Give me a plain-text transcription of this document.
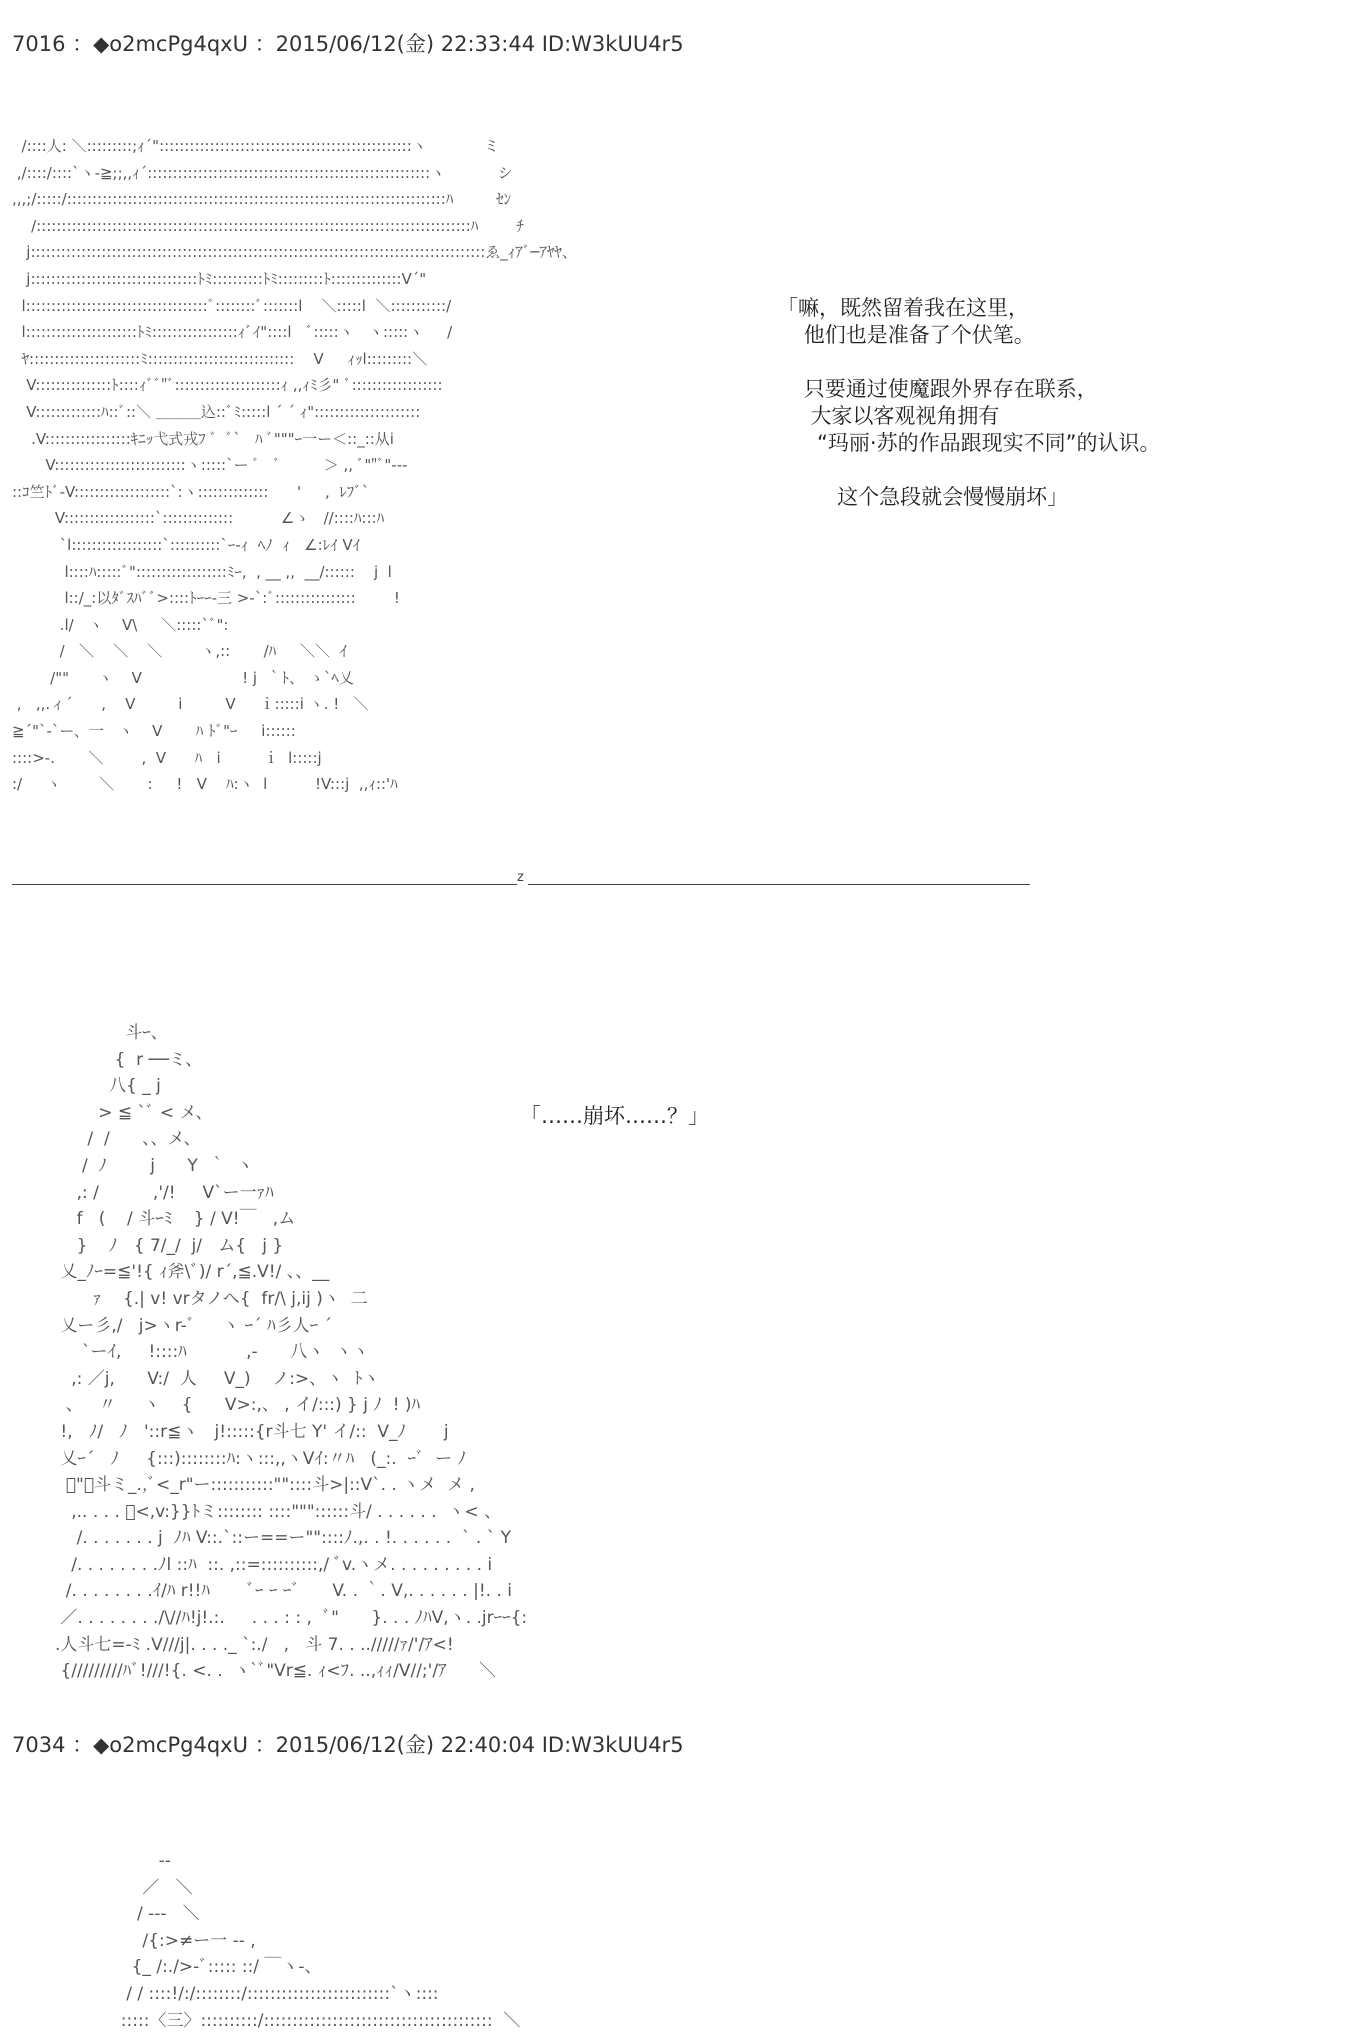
7016 ：◆o2mcPg4qxU ：2015/06/12(金) 22:33:44 ID:W3kUU4r5
/::::人: ＼:::::::::;ｨ´"::::::::::::::::::::::::::::::::::::::::::::::::::ヽ            ミ
,/::::/::::`ヽ-≧;;,,ｨ´::::::::::::::::::::::::::::::::::::::::::::::::::::::::ヽ           シ
,,,;/:::::/:::::::::::::::::::::::::::::::::::::::::::::::::::::::::::::::::::::::::::ﾊ         ｾﾝ
/::::::::::::::::::::::::::::::::::::::::::::::::::::::::::::::::::::::::::::::::::::::ﾊ        ﾁ
j::::::::::::::::::::::::::::::::::::::::::::::::::::::::::::::::::::::::::::::::::::::::::ゑ_ｨｱﾞ─ｱﾔﾔ、
j:::::::::::::::::::::::::::::::::ﾄﾐ::::::::::ﾄﾐ:::::::::ﾄ::::::::::::::V´"
l::::::::::::::::::::::::::::::::::::ﾞ::::::::ﾞ:::::::l    ＼:::::l  ＼:::::::::::/
l::::::::::::::::::::::ﾄﾐ:::::::::::::::::ｨﾞｲ"::::l   ﾞ:::::ヽ   ヽ:::::ヽ     /
ﾔ::::::::::::::::::::::ﾐ:::::::::::::::::::::::::::::    V     ｨｯl:::::::::＼
V:::::::::::::::ﾄ::::ｨﾞﾞ"ﾞ:::::::::::::::::::::ｨ ,,ｨﾐ彡" ﾞ::::::::::::::::::
V:::::::::::::ﾊ::ﾞ::＼ ＿＿＿込::ﾞﾐ:::::l ´ ´ ｨ":::::::::::::::::::::
.V:::::::::::::::::ｷﾆｯ弋式戎ﾌ ﾞ  ﾞ`   ﾊ ﾞ"""ｰ一ー＜::_::从i
V::::::::::::::::::::::::::ヽ:::::`ー ﾞ   ﾞ         ＞ ,, ﾞ""ﾞ"---
::ｺ竺ﾄﾞ-V:::::::::::::::::::`:ヽ::::::::::::::      '     ,  ﾚﾌﾞ`
V::::::::::::::::::`::::::::::::::          ∠ゝ   //::::ﾊ:::ﾊ
`l::::::::::::::::::`::::::::::`ｰ-ｨ  ﾍﾉ  ｨ   ∠:ﾚｲ Vｲ
l::::ﾊ:::::ﾞ"::::::::::::::::::ﾐｰ,  , __ ,,  __/::::::    j  l
l::/_:以ﾀﾞｽﾊﾞﾞ>::::ﾄｰｰ-三 >-`:ﾞ::::::::::::::::        !
.l/   ヽ    V\     ＼:::::`ﾞ":
/   ＼    ＼    ＼        ヽ,::       /ﾊ     ＼＼  ｲ
/""      ヽ    V                     ! j  ｀ﾄ、 ゝ`ﾍ乂
,   ,,.ィ´      ,    V         i         V     ｉ:::::i ヽ. !   ＼
≧´"`-`ー、一   ヽ    V       ﾊ ﾄﾞ"ｰ     i::::::
::::>-.       ＼        ,  V      ﾊ   i         ｉ  l:::::j
:/     ヽ        ＼       :     !   V    ﾊ:ヽ  l          !V:::j  ,,ｨ::'ﾊ
「嘛，既然留着我在这里，
他们也是准备了个伏笔。

只要通过使魔跟外界存在联系，
大家以客观视角拥有
“玛丽·苏的作品跟现实不同”的认识。

这个急段就会慢慢崩坏」
z
斗ｰ、
{  r ──ミ、
八{ _ j
> ≦ `ﾞ < メ、
/  /      、、メ、
/  ﾉ        j      Y  ｀  ヽ
,: /          ,'/!     V`ー一ｧﾊ
f   (    / 斗ｰﾐ    } / V!￣   ,ム
}    ﾉ   { 7/_/  j/   ム{   j }
乂_ﾉｰ=≦'!{ ｨ斧\ﾞ)/ r´,≦.V!/ 、、__
ｧ    {.| v! vrタノへ{  fr/\ j,ij )ヽ  二
乂ー彡,/   j>ヽr-ﾞ     ヽ ｰ´ ﾊ彡人ｰ ´
`ーｲ,     !::::ﾊ           ,-      八ヽ  ヽヽ
,: ／j,      V:/  人     V_)    ノ:>、ヽ  ﾄヽ
、   〃     ヽ    {      V>:,、 , イ/:::) } j ﾉ  ! )ﾊ
!,   ﾉ/   ﾉ   '::r≦ヽ   j!:::::{r斗七 Y' イ/::  V_ﾉ       j
乂ｰ´   ﾉ     {:::)::::::::ﾊ:ヽ:::,,ヽVｲ:〃ﾊ   (_:.  ｰﾞ  ー ﾉ
ﾞ"ﾞ斗ミ_.,ﾞ<_r"ー:::::::::::""::::斗>|::V`. . ヽメ  メ ,
,.. . . . ﾞ<,v:}}ﾄミ:::::::: ::::"""::::::斗/ . . . . . .  ヽ< 、
/. . . . . . . j  ﾉﾊ V::.`::ー==ー""::::ﾉ.,. . !. . . . . .  ` . ` Y
/. . . . . . . .ﾉl ::ﾊ  ::. ,::=::::::::::,/ ﾞv.ヽメ. . . . . . . . . i
/. . . . . . . .ｲ/ﾊ r!!ﾊ       ﾞｰ ｰ ｰﾞ      V. . ｀. V,. . . . . . |!. . i
／. . . . . . . ./\//ﾊ!j!.:.     . . . : : ,  ﾞ"      }. . . ﾉﾊV,ヽ. .jrｰｰ{:
.人斗七=-ﾐ .V///j|. . . ._ `:./   ,   斗 7. . ../////ｧ/'/ｱ<!
{/////////ﾊﾞ!///!{. <. .  ヽ`ﾞ"Vr≦. ｨ<ﾌ. ..,ｨｨ/V//;'/ｱ      ＼
「……崩坏……？」
7034 ：◆o2mcPg4qxU ：2015/06/12(金) 22:40:04 ID:W3kUU4r5
--
／   ＼
/ ---   ＼
/{:>≠ー一 -- ,
{_ /:./>-ﾞ::::: ::/ ￣ヽ-、
/ / ::::!/:/::::::::/:::::::::::::::::::::::::`ヽ::::
:::::〈三〉::::::::::/::::::::::::::::::::::::::::::::::::::::  ＼
